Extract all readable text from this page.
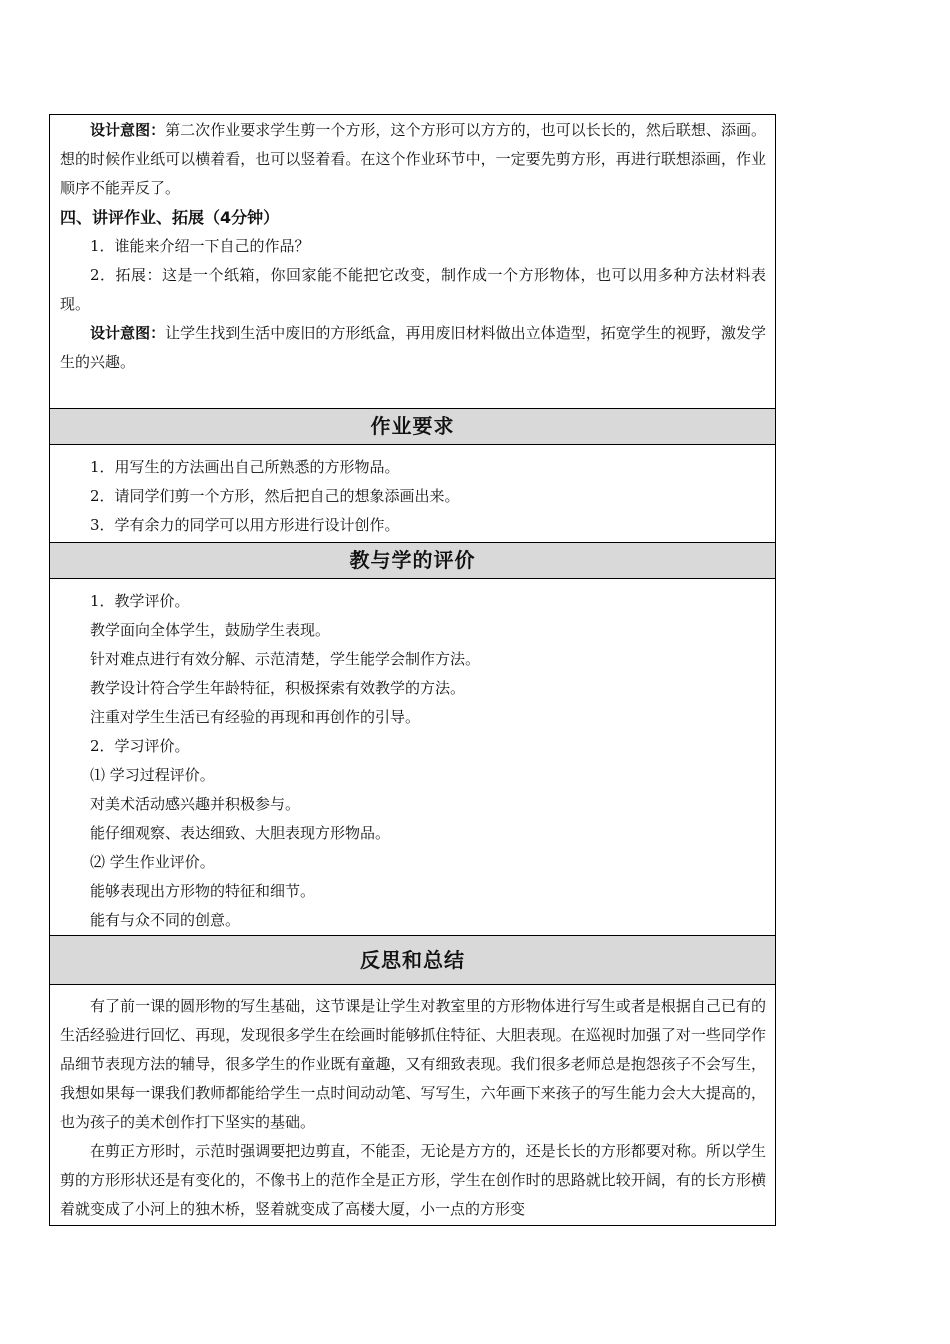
设计意图：第二次作业要求学生剪一个方形，这个方形可以方方的，也可以长长的，然后联想、添画。想的时候作业纸可以横着看，也可以竖着看。在这个作业环节中，一定要先剪方形，再进行联想添画，作业顺序不能弄反了。
四、讲评作业、拓展（4分钟）
1．谁能来介绍一下自己的作品？
2．拓展：这是一个纸箱，你回家能不能把它改变，制作成一个方形物体，也可以用多种方法材料表现。
设计意图：让学生找到生活中废旧的方形纸盒，再用废旧材料做出立体造型，拓宽学生的视野，激发学生的兴趣。
作业要求
1．用写生的方法画出自己所熟悉的方形物品。
2．请同学们剪一个方形，然后把自己的想象添画出来。
3．学有余力的同学可以用方形进行设计创作。
教与学的评价
1．教学评价。
教学面向全体学生，鼓励学生表现。
针对难点进行有效分解、示范清楚，学生能学会制作方法。
教学设计符合学生年龄特征，积极探索有效教学的方法。
注重对学生生活已有经验的再现和再创作的引导。
2．学习评价。
⑴ 学习过程评价。
对美术活动感兴趣并积极参与。
能仔细观察、表达细致、大胆表现方形物品。
⑵ 学生作业评价。
能够表现出方形物的特征和细节。
能有与众不同的创意。
反思和总结
有了前一课的圆形物的写生基础，这节课是让学生对教室里的方形物体进行写生或者是根据自己已有的生活经验进行回忆、再现，发现很多学生在绘画时能够抓住特征、大胆表现。在巡视时加强了对一些同学作品细节表现方法的辅导，很多学生的作业既有童趣，又有细致表现。我们很多老师总是抱怨孩子不会写生，我想如果每一课我们教师都能给学生一点时间动动笔、写写生，六年画下来孩子的写生能力会大大提高的，也为孩子的美术创作打下坚实的基础。
在剪正方形时，示范时强调要把边剪直，不能歪，无论是方方的，还是长长的方形都要对称。所以学生剪的方形形状还是有变化的，不像书上的范作全是正方形，学生在创作时的思路就比较开阔，有的长方形横着就变成了小河上的独木桥，竖着就变成了高楼大厦，小一点的方形变
